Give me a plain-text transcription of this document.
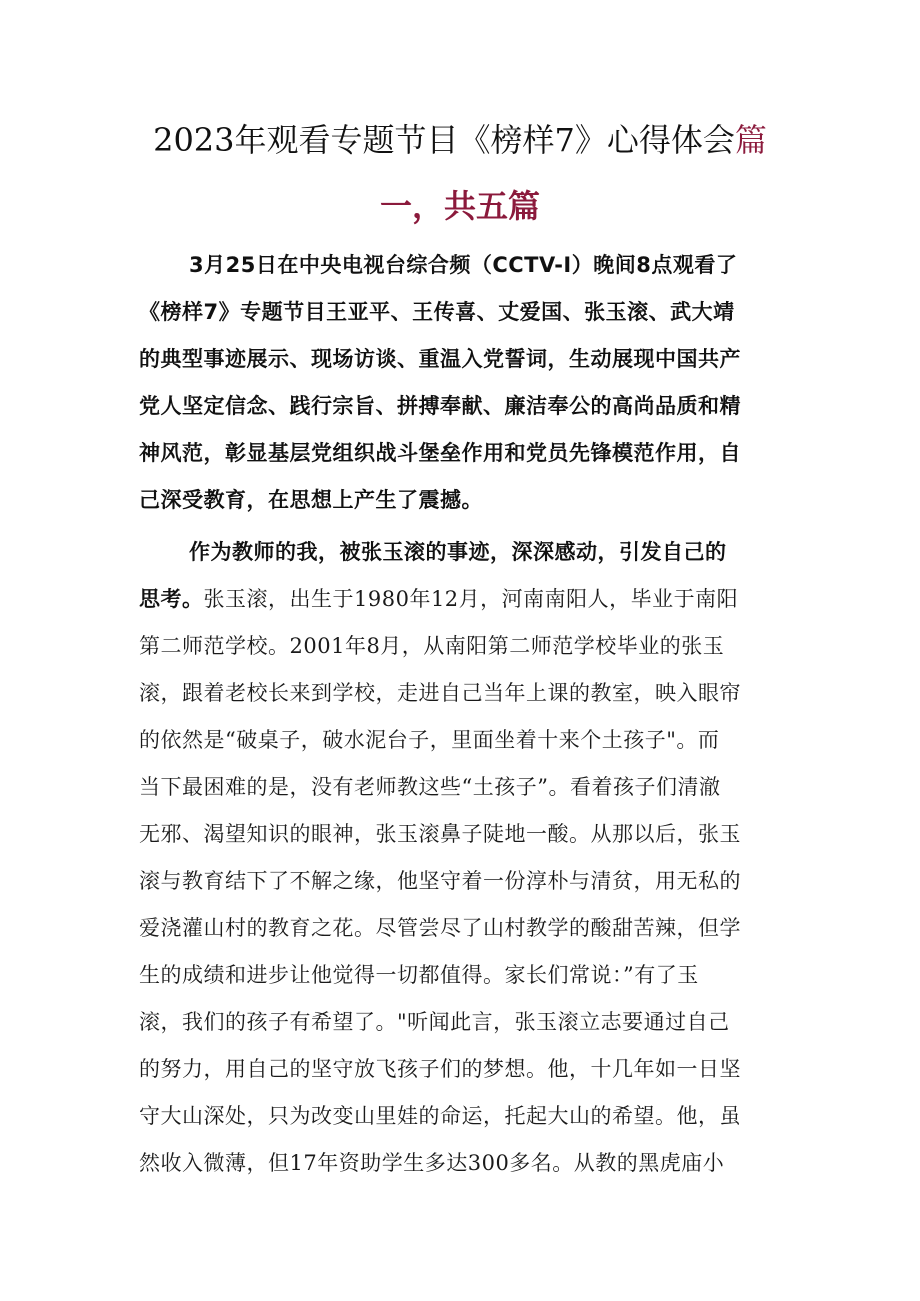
2023年观看专题节目《榜样7》心得体会篇
一，共五篇
3月25日在中央电视台综合频（CCTV-I）晚间8点观看了
《榜样7》专题节目王亚平、王传喜、丈爱国、张玉滚、武大靖
的典型事迹展示、现场访谈、重温入党誓词，生动展现中国共产
党人坚定信念、践行宗旨、拼搏奉献、廉洁奉公的高尚品质和精
神风范，彰显基层党组织战斗堡垒作用和党员先锋模范作用，自
己深受教育，在思想上产生了震撼。
作为教师的我，被张玉滚的事迹，深深感动，引发自己的
思考。张玉滚，出生于1980年12月，河南南阳人，毕业于南阳
第二师范学校。2001年8月，从南阳第二师范学校毕业的张玉
滚，跟着老校长来到学校，走进自己当年上课的教室，映入眼帘
的依然是“破桌子，破水泥台子，里面坐着十来个土孩子"。而
当下最困难的是，没有老师教这些“土孩子”。看着孩子们清澈
无邪、渴望知识的眼神，张玉滚鼻子陡地一酸。从那以后，张玉
滚与教育结下了不解之缘，他坚守着一份淳朴与清贫，用无私的
爱浇灌山村的教育之花。尽管尝尽了山村教学的酸甜苦辣，但学
生的成绩和进步让他觉得一切都值得。家长们常说：”有了玉
滚，我们的孩子有希望了。"听闻此言，张玉滚立志要通过自己
的努力，用自己的坚守放飞孩子们的梦想。他，十几年如一日坚
守大山深处，只为改变山里娃的命运，托起大山的希望。他，虽
然收入微薄，但17年资助学生多达300多名。从教的黑虎庙小
